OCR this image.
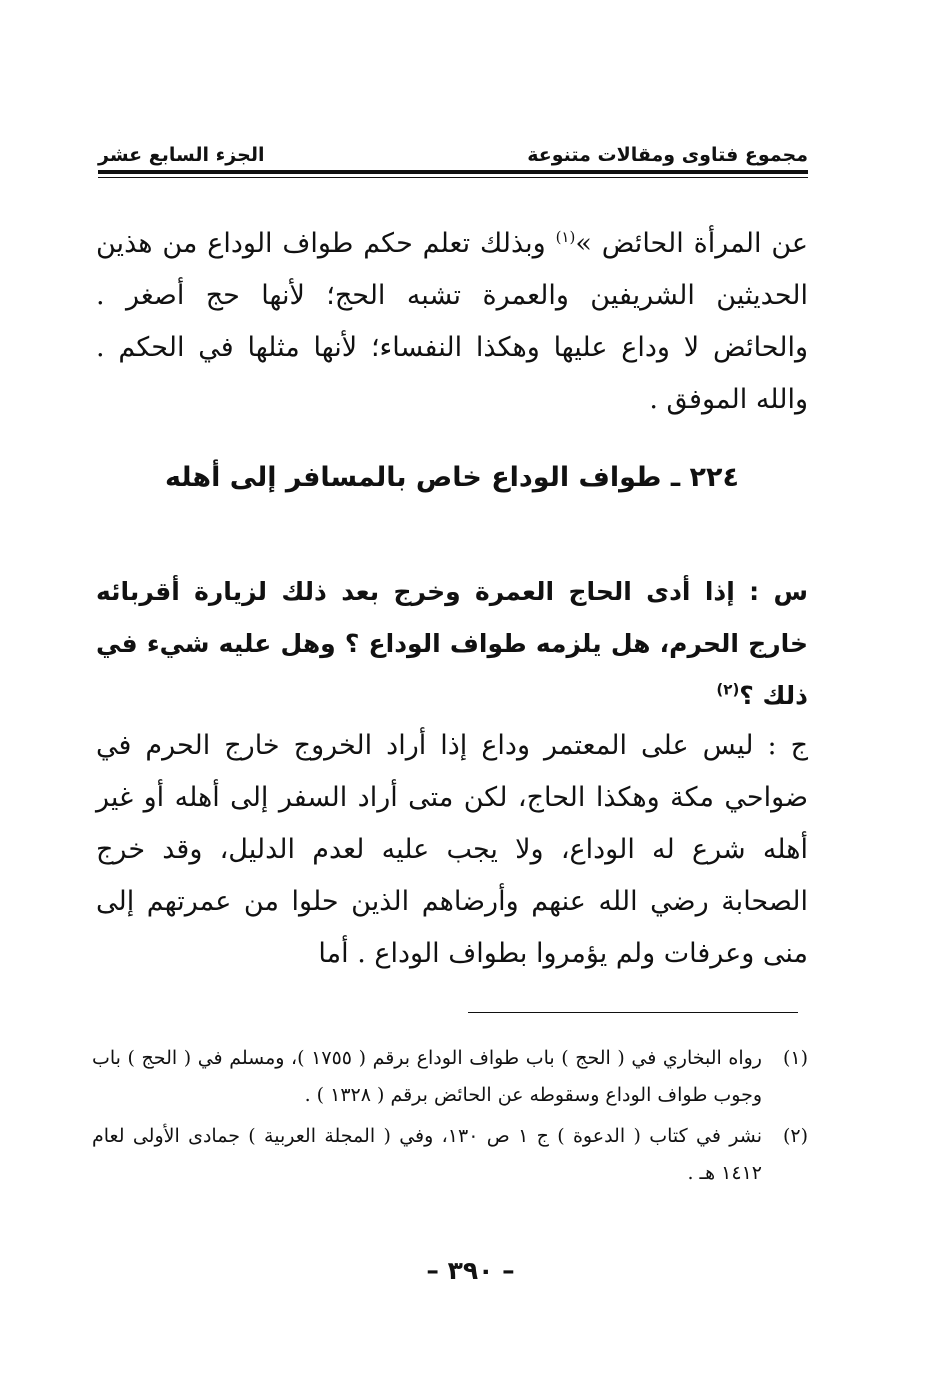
مجموع فتاوى ومقالات متنوعة
الجزء السابع عشر

عن المرأة الحائض »$^{(١)}$ وبذلك تعلم حكم طواف الوداع من هذين الحديثين الشريفين والعمرة تشبه الحج؛ لأنها حج أصغر . والحائض لا وداع عليها وهكذا النفساء؛ لأنها مثلها في الحكم . والله الموفق .

٢٢٤ ـ طواف الوداع خاص بالمسافر إلى أهله

س : إذا أدى الحاج العمرة وخرج بعد ذلك لزيارة أقربائه خارج الحرم، هل يلزمه طواف الوداع ؟ وهل عليه شيء في ذلك ؟$^{(٢)}$

ج : ليس على المعتمر وداع إذا أراد الخروج خارج الحرم في ضواحي مكة وهكذا الحاج، لكن متى أراد السفر إلى أهله أو غير أهله شرع له الوداع، ولا يجب عليه لعدم الدليل، وقد خرج الصحابة رضي الله عنهم وأرضاهم الذين حلوا من عمرتهم إلى منى وعرفات ولم يؤمروا بطواف الوداع . أما

(١)
رواه البخاري في ( الحج ) باب طواف الوداع برقم ( ١٧٥٥ )، ومسلم في ( الحج ) باب وجوب طواف الوداع وسقوطه عن الحائض برقم ( ١٣٢٨ ) .
(٢)
نشر في كتاب ( الدعوة ) ج ١ ص ١٣٠، وفي ( المجلة العربية ) جمادى الأولى لعام ١٤١٢ هـ .
– ٣٩٠ –
